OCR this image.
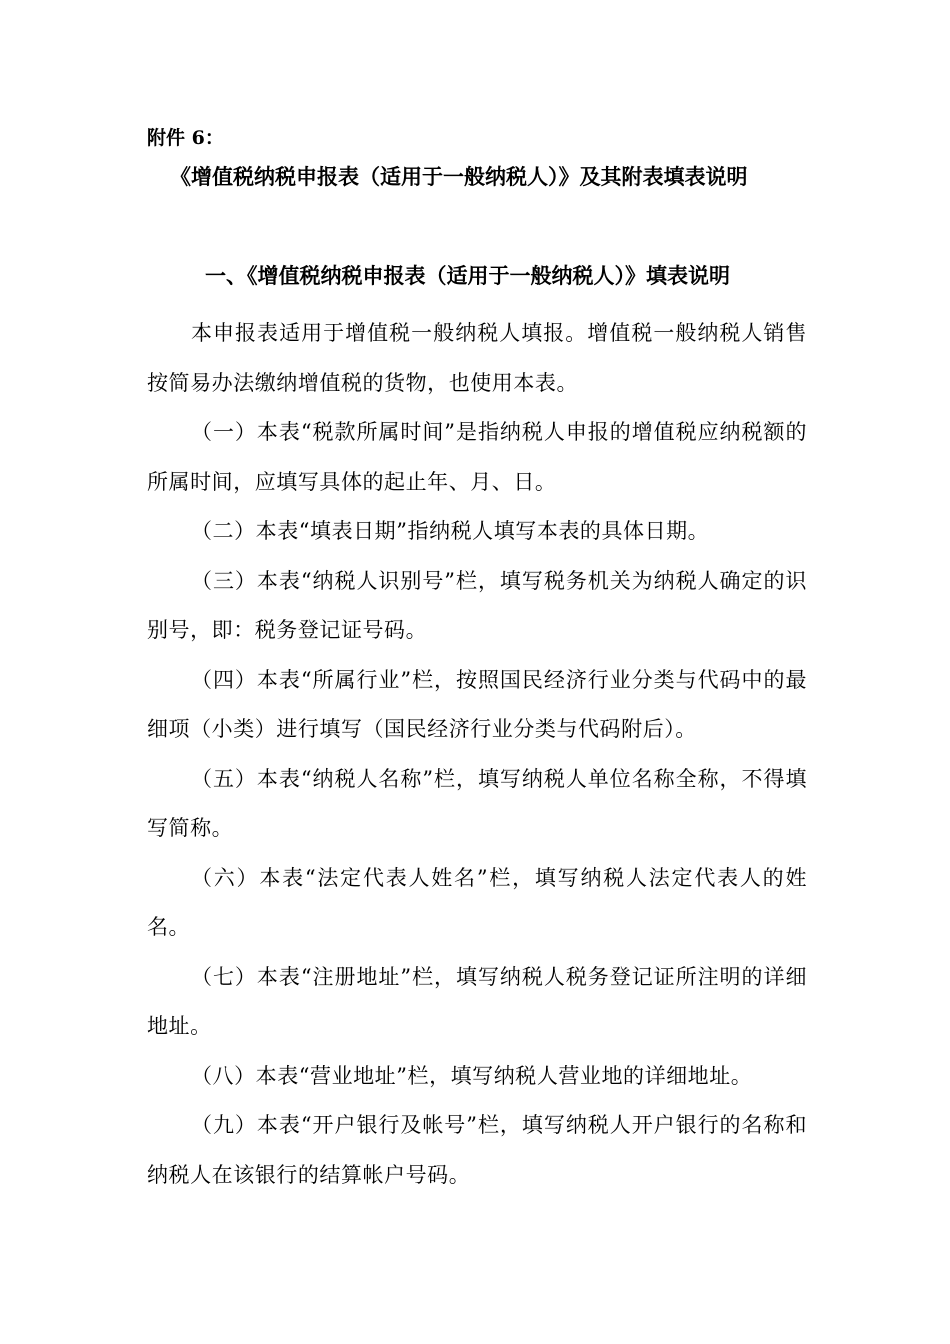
附件 6：
《增值税纳税申报表（适用于一般纳税人）》及其附表填表说明
一、《增值税纳税申报表（适用于一般纳税人）》填表说明

本申报表适用于增值税一般纳税人填报。增值税一般纳税人销售按简易办法缴纳增值税的货物，也使用本表。

（一）本表“税款所属时间”是指纳税人申报的增值税应纳税额的所属时间，应填写具体的起止年、月、日。

（二）本表“填表日期”指纳税人填写本表的具体日期。

（三）本表“纳税人识别号”栏，填写税务机关为纳税人确定的识别号，即：税务登记证号码。

（四）本表“所属行业”栏，按照国民经济行业分类与代码中的最细项（小类）进行填写（国民经济行业分类与代码附后）。

（五）本表“纳税人名称”栏，填写纳税人单位名称全称，不得填写简称。

（六）本表“法定代表人姓名”栏，填写纳税人法定代表人的姓名。

（七）本表“注册地址”栏，填写纳税人税务登记证所注明的详细地址。

（八）本表“营业地址”栏，填写纳税人营业地的详细地址。

（九）本表“开户银行及帐号”栏，填写纳税人开户银行的名称和纳税人在该银行的结算帐户号码。
